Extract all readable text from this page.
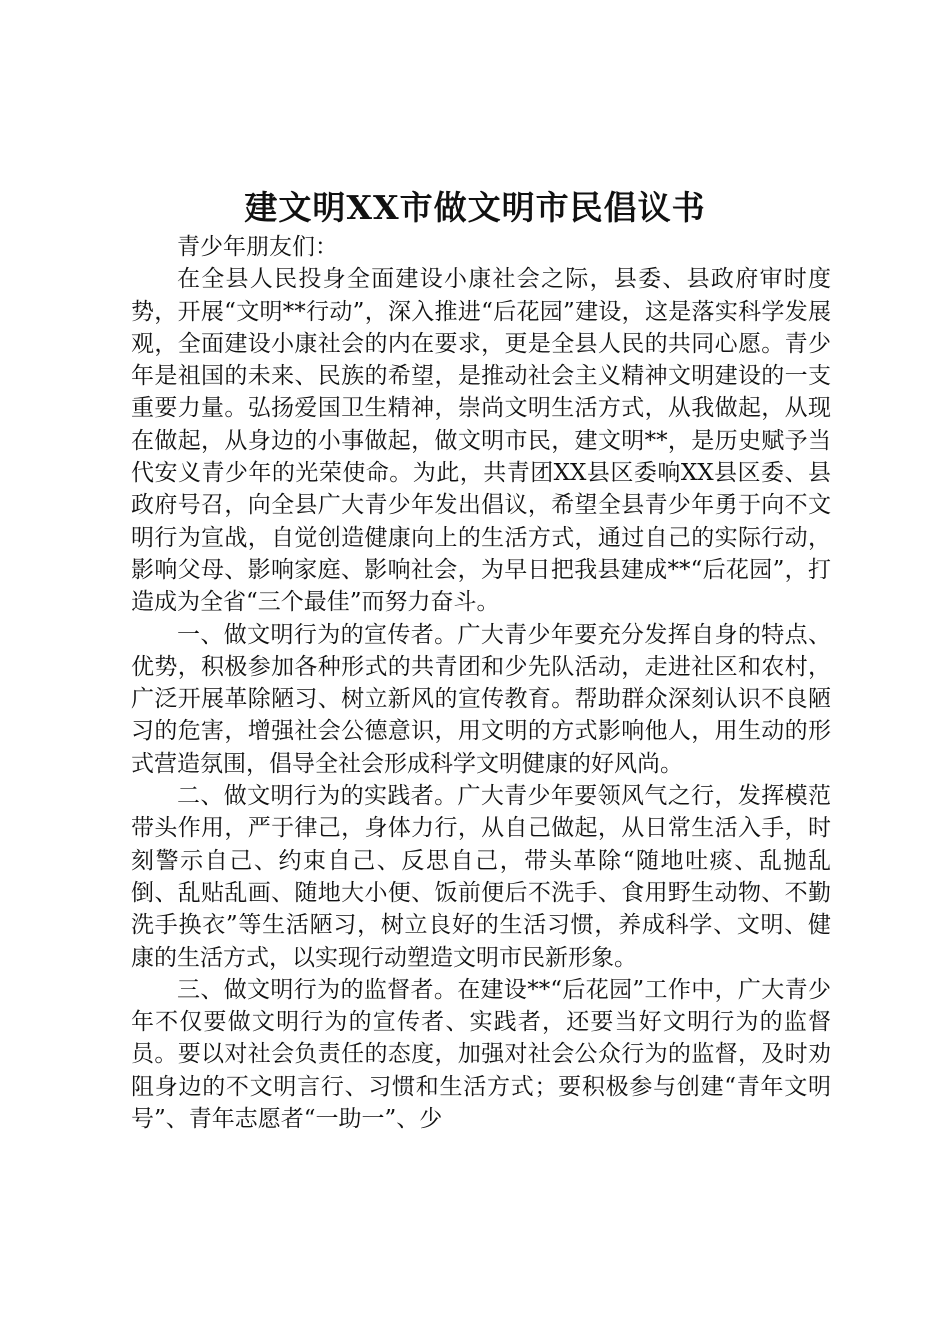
建文明XX市做文明市民倡议书

青少年朋友们：

在全县人民投身全面建设小康社会之际，县委、县政府审时度势，开展“文明**行动”，深入推进“后花园”建设，这是落实科学发展观，全面建设小康社会的内在要求，更是全县人民的共同心愿。青少年是祖国的未来、民族的希望，是推动社会主义精神文明建设的一支重要力量。弘扬爱国卫生精神，崇尚文明生活方式，从我做起，从现在做起，从身边的小事做起，做文明市民，建文明**，是历史赋予当代安义青少年的光荣使命。为此，共青团XX县区委响XX县区委、县政府号召，向全县广大青少年发出倡议，希望全县青少年勇于向不文明行为宣战，自觉创造健康向上的生活方式，通过自己的实际行动，影响父母、影响家庭、影响社会，为早日把我县建成**“后花园”，打造成为全省“三个最佳”而努力奋斗。

一、做文明行为的宣传者。广大青少年要充分发挥自身的特点、优势，积极参加各种形式的共青团和少先队活动，走进社区和农村，广泛开展革除陋习、树立新风的宣传教育。帮助群众深刻认识不良陋习的危害，增强社会公德意识，用文明的方式影响他人，用生动的形式营造氛围，倡导全社会形成科学文明健康的好风尚。

二、做文明行为的实践者。广大青少年要领风气之行，发挥模范带头作用，严于律己，身体力行，从自己做起，从日常生活入手，时刻警示自己、约束自己、反思自己，带头革除“随地吐痰、乱抛乱倒、乱贴乱画、随地大小便、饭前便后不洗手、食用野生动物、不勤洗手换衣”等生活陋习，树立良好的生活习惯，养成科学、文明、健康的生活方式，以实现行动塑造文明市民新形象。

三、做文明行为的监督者。在建设**“后花园”工作中，广大青少年不仅要做文明行为的宣传者、实践者，还要当好文明行为的监督员。要以对社会负责任的态度，加强对社会公众行为的监督，及时劝阻身边的不文明言行、习惯和生活方式；要积极参与创建“青年文明号”、青年志愿者“一助一”、少
